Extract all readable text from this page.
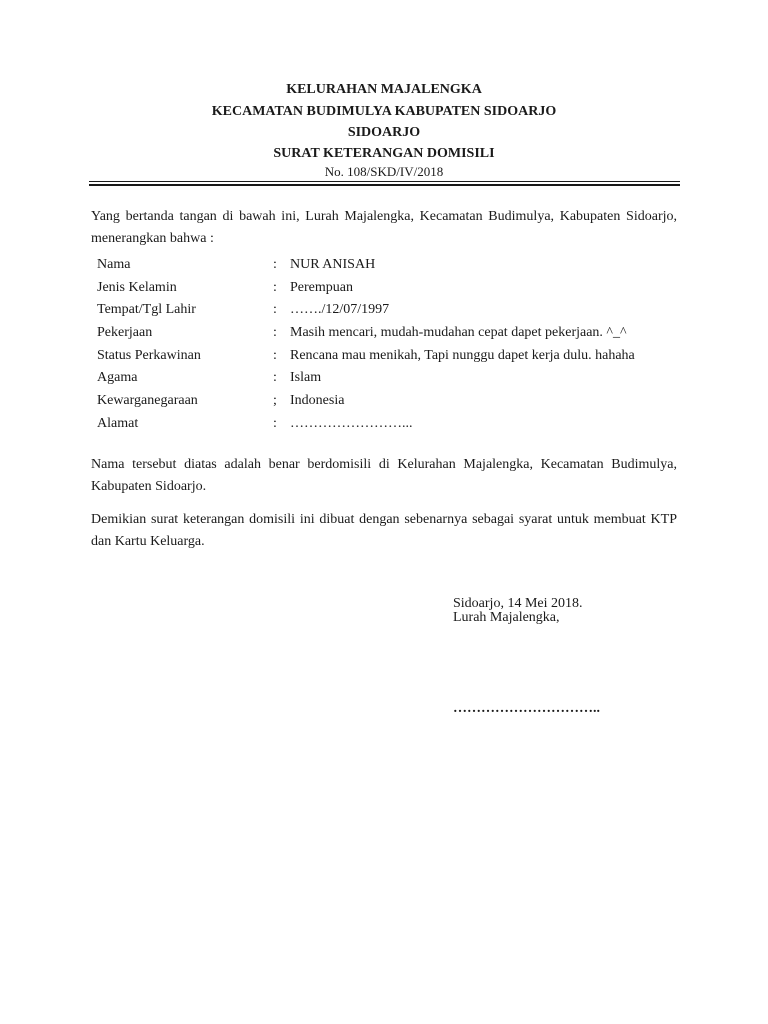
KELURAHAN MAJALENGKA
KECAMATAN BUDIMULYA KABUPATEN SIDOARJO
SIDOARJO
SURAT KETERANGAN DOMISILI
No. 108/SKD/IV/2018
Yang bertanda tangan di bawah ini, Lurah Majalengka, Kecamatan Budimulya, Kabupaten Sidoarjo, menerangkan bahwa :
Nama	: NUR ANISAH
Jenis Kelamin	: Perempuan
Tempat/Tgl Lahir	: ……./12/07/1997
Pekerjaan	: Masih mencari, mudah-mudahan cepat dapet pekerjaan. ^_^
Status Perkawinan	: Rencana mau menikah, Tapi nunggu dapet kerja dulu. hahaha
Agama	: Islam
Kewarganegaraan	; Indonesia
Alamat	: ……………………...
Nama tersebut diatas adalah benar berdomisili di Kelurahan Majalengka, Kecamatan Budimulya, Kabupaten Sidoarjo.
Demikian surat keterangan domisili ini dibuat dengan sebenarnya sebagai syarat untuk membuat KTP dan Kartu Keluarga.
Sidoarjo, 14 Mei 2018.
Lurah Majalengka,
…………………………..
